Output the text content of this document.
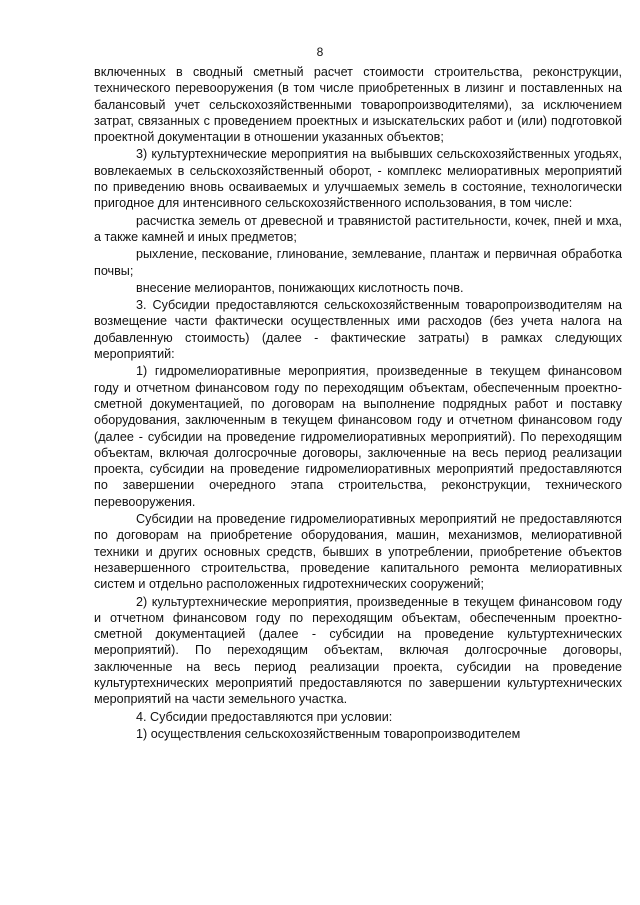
8

включенных в сводный сметный расчет стоимости строительства, реконструкции, технического перевооружения (в том числе приобретенных в лизинг и поставленных на балансовый учет сельскохозяйственными товаропроизводителями), за исключением затрат, связанных с проведением проектных и изыскательских работ и (или) подготовкой проектной документации в отношении указанных объектов;

3) культуртехнические мероприятия на выбывших сельскохозяйственных угодьях, вовлекаемых в сельскохозяйственный оборот, - комплекс мелиоративных мероприятий по приведению вновь осваиваемых и улучшаемых земель в состояние, технологически пригодное для интенсивного сельскохозяйственного использования, в том числе:

расчистка земель от древесной и травянистой растительности, кочек, пней и мха, а также камней и иных предметов;

рыхление, пескование, глинование, землевание, плантаж и первичная обработка почвы;

внесение мелиорантов, понижающих кислотность почв.

3. Субсидии предоставляются сельскохозяйственным товаропроизводителям на возмещение части фактически осуществленных ими расходов (без учета налога на добавленную стоимость) (далее - фактические затраты) в рамках следующих мероприятий:

1) гидромелиоративные мероприятия, произведенные в текущем финансовом году и отчетном финансовом году по переходящим объектам, обеспеченным проектно-сметной документацией, по договорам на выполнение подрядных работ и поставку оборудования, заключенным в текущем финансовом году и отчетном финансовом году (далее - субсидии на проведение гидромелиоративных мероприятий). По переходящим объектам, включая долгосрочные договоры, заключенные на весь период реализации проекта, субсидии на проведение гидромелиоративных мероприятий предоставляются по завершении очередного этапа строительства, реконструкции, технического перевооружения.

Субсидии на проведение гидромелиоративных мероприятий не предоставляются по договорам на приобретение оборудования, машин, механизмов, мелиоративной техники и других основных средств, бывших в употреблении, приобретение объектов незавершенного строительства, проведение капитального ремонта мелиоративных систем и отдельно расположенных гидротехнических сооружений;

2) культуртехнические мероприятия, произведенные в текущем финансовом году и отчетном финансовом году по переходящим объектам, обеспеченным проектно-сметной документацией (далее - субсидии на проведение культуртехнических мероприятий). По переходящим объектам, включая долгосрочные договоры, заключенные на весь период реализации проекта, субсидии на проведение культуртехнических мероприятий предоставляются по завершении культуртехнических мероприятий на части земельного участка.

4. Субсидии предоставляются при условии:

1) осуществления сельскохозяйственным товаропроизводителем
